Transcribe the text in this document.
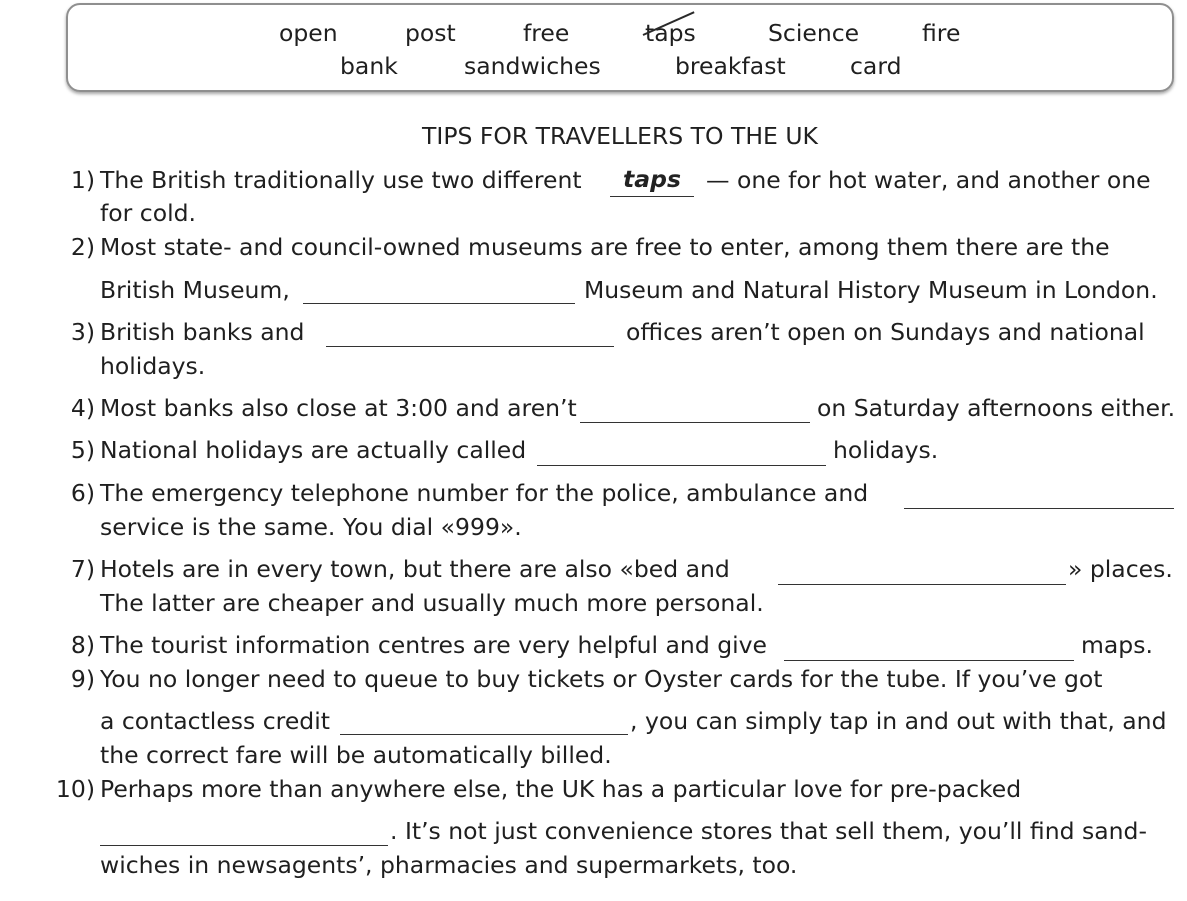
open	post	free	taps	Science	fire
bank	sandwiches	breakfast	card
TIPS FOR TRAVELLERS TO THE UK
1) The British traditionally use two different	taps	— one for hot water, and another one
for cold.
2) Most state- and council-owned museums are free to enter, among them there are the
British Museum,	Museum and Natural History Museum in London.
3) British banks and	offices aren’t open on Sundays and national
holidays.
4) Most banks also close at 3:00 and aren’t	on Saturday afternoons either.
5) National holidays are actually called	holidays.
6) The emergency telephone number for the police, ambulance and
service is the same. You dial «999».
7) Hotels are in every town, but there are also «bed and	» places.
The latter are cheaper and usually much more personal.
8) The tourist information centres are very helpful and give	maps.
9) You no longer need to queue to buy tickets or Oyster cards for the tube. If you’ve got
a contactless credit	, you can simply tap in and out with that, and
the correct fare will be automatically billed.
10) Perhaps more than anywhere else, the UK has a particular love for pre-packed
. It’s not just convenience stores that sell them, you’ll find sand-
wiches in newsagents’, pharmacies and supermarkets, too.
